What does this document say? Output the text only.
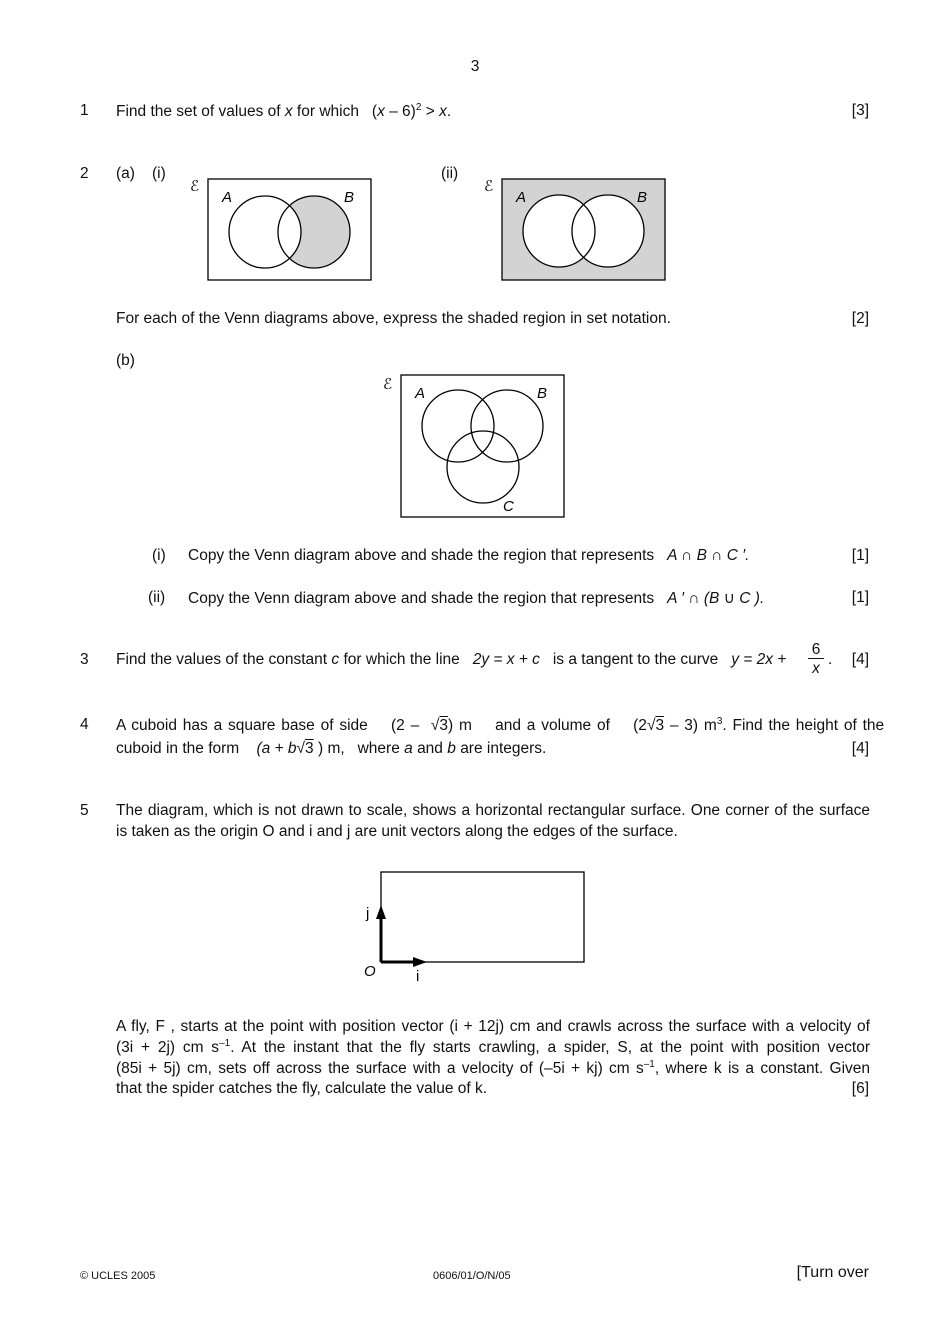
3
1 Find the set of values of x for which (x – 6)$^2$ > x.	[3]
2 (a) (i)	(ii)
ℰ
A	B
ℰ
A	B
For each of the Venn diagrams above, express the shaded region in set notation.	[2]
(b)
ℰ
A	B
C
(i) Copy the Venn diagram above and shade the region that represents A ∩ B ∩ C ′.	[1]
(ii) Copy the Venn diagram above and shade the region that represents A ′ ∩ (B ∪ C ).	[1]
3 Find the values of the constant c for which the line 2y = x + c is a tangent to the curve $y = 2x + \frac{6}{x}$ . [4]
4 A cuboid has a square base of side (2 –  √3) m and a volume of (2√3 – 3) $m^3$. Find the height of the
cuboid in the form (a + b√3 ) m, where a and b are integers.	[4]
5 The diagram, which is not drawn to scale, shows a horizontal rectangular surface. One corner of the surface is taken as the origin O and i and j are unit vectors along the edges of the surface.
j
O	i
A fly, F , starts at the point with position vector (i + 12j) cm and crawls across the surface with a velocity of
(3i + 2j) cm $s^{-1}$. At the instant that the fly starts crawling, a spider, S, at the point with position vector
(85i + 5j) cm, sets off across the surface with a velocity of (–5i + kj) cm $s^{-1}$, where k is a constant. Given
that the spider catches the fly, calculate the value of k.	[6]
© UCLES 2005	0606/01/O/N/05	[Turn over
